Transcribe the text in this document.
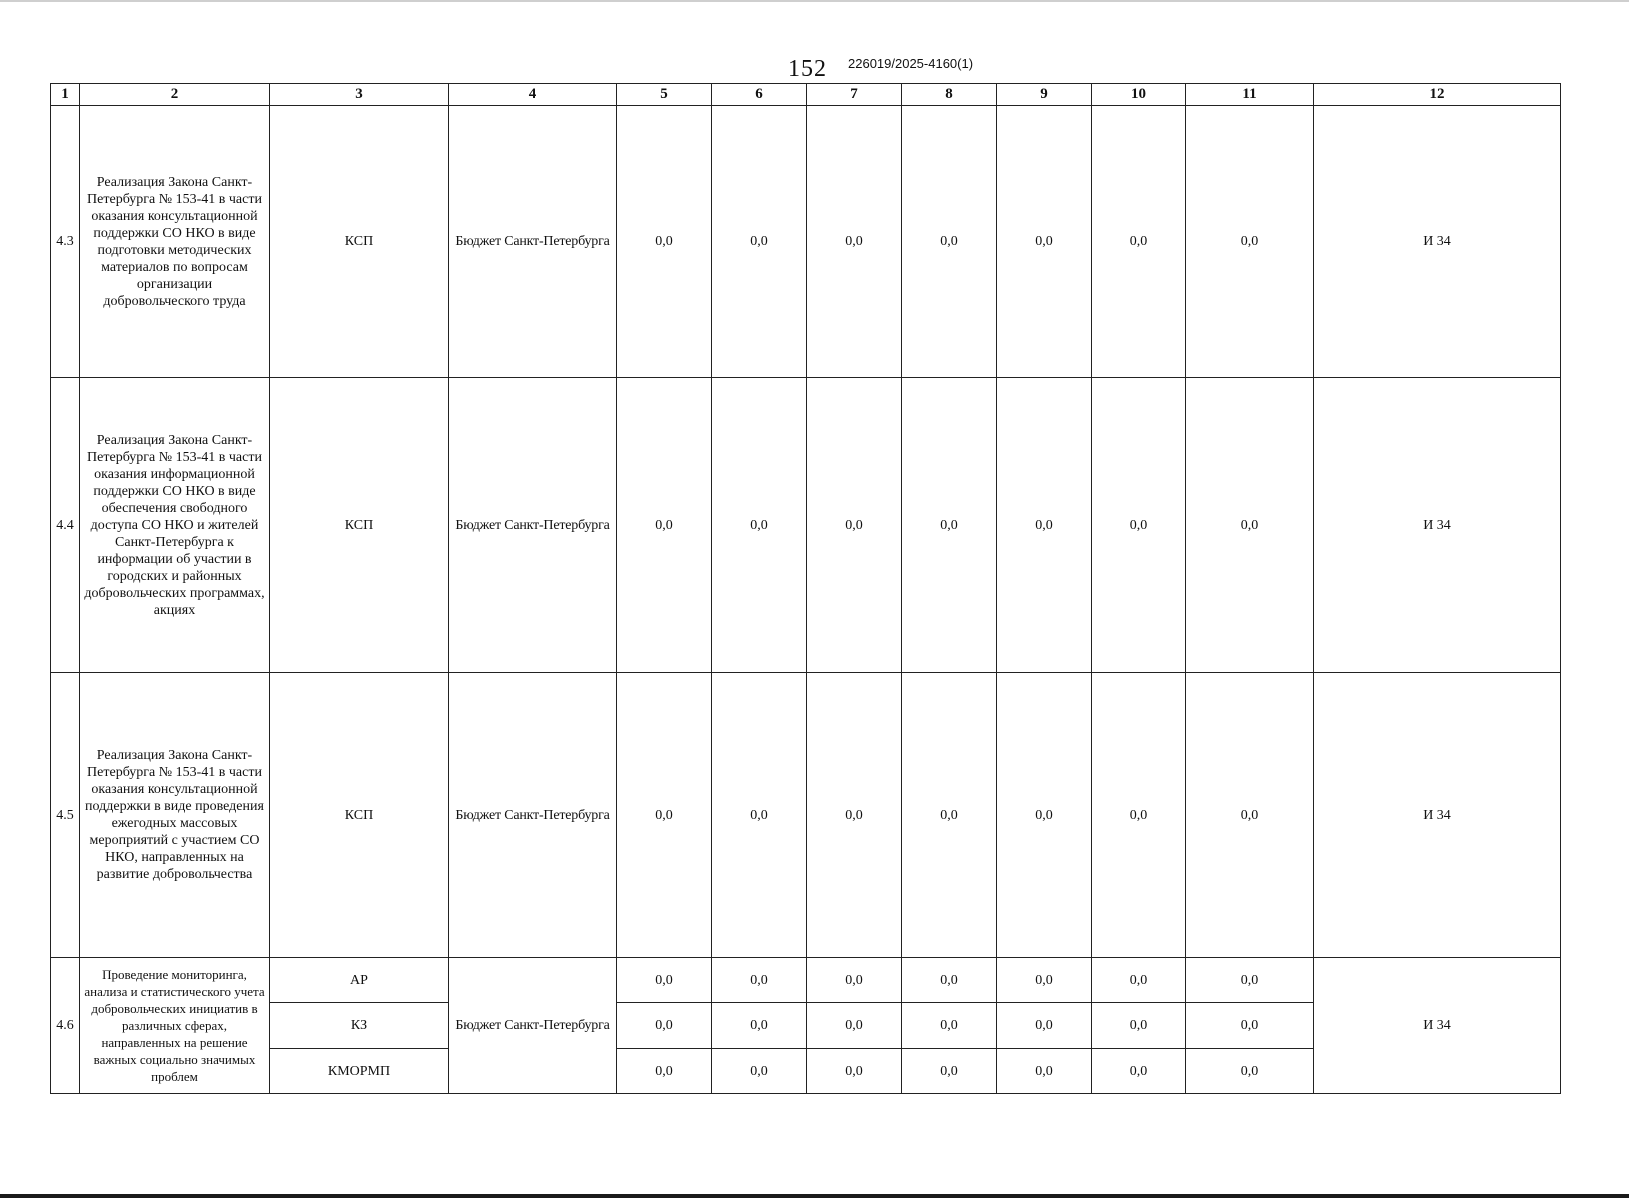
152 226019/2025-4160(1)
1	2	3	4	5	6	7	8	9	10	11	12
4.3	Реализация Закона Санкт-Петербурга № 153-41 в части оказания консультационной поддержки СО НКО в виде подготовки методических материалов по вопросам организации добровольческого труда	КСП	Бюджет Санкт-Петербурга	0,0	0,0	0,0	0,0	0,0	0,0	0,0	И 34
4.4	Реализация Закона Санкт-Петербурга № 153-41 в части оказания информационной поддержки СО НКО в виде обеспечения свободного доступа СО НКО и жителей Санкт-Петербурга к информации об участии в городских и районных добровольческих программах, акциях	КСП	Бюджет Санкт-Петербурга	0,0	0,0	0,0	0,0	0,0	0,0	0,0	И 34
4.5	Реализация Закона Санкт-Петербурга № 153-41 в части оказания консультационной поддержки в виде проведения ежегодных массовых мероприятий с участием СО НКО, направленных на развитие добровольчества	КСП	Бюджет Санкт-Петербурга	0,0	0,0	0,0	0,0	0,0	0,0	0,0	И 34
4.6	Проведение мониторинга, анализа и статистического учета добровольческих инициатив в различных сферах, направленных на решение важных социально значимых проблем	АР	Бюджет Санкт-Петербурга	0,0	0,0	0,0	0,0	0,0	0,0	0,0	И 34
		КЗ		0,0	0,0	0,0	0,0	0,0	0,0	0,0	
		КМОРМП		0,0	0,0	0,0	0,0	0,0	0,0	0,0	
